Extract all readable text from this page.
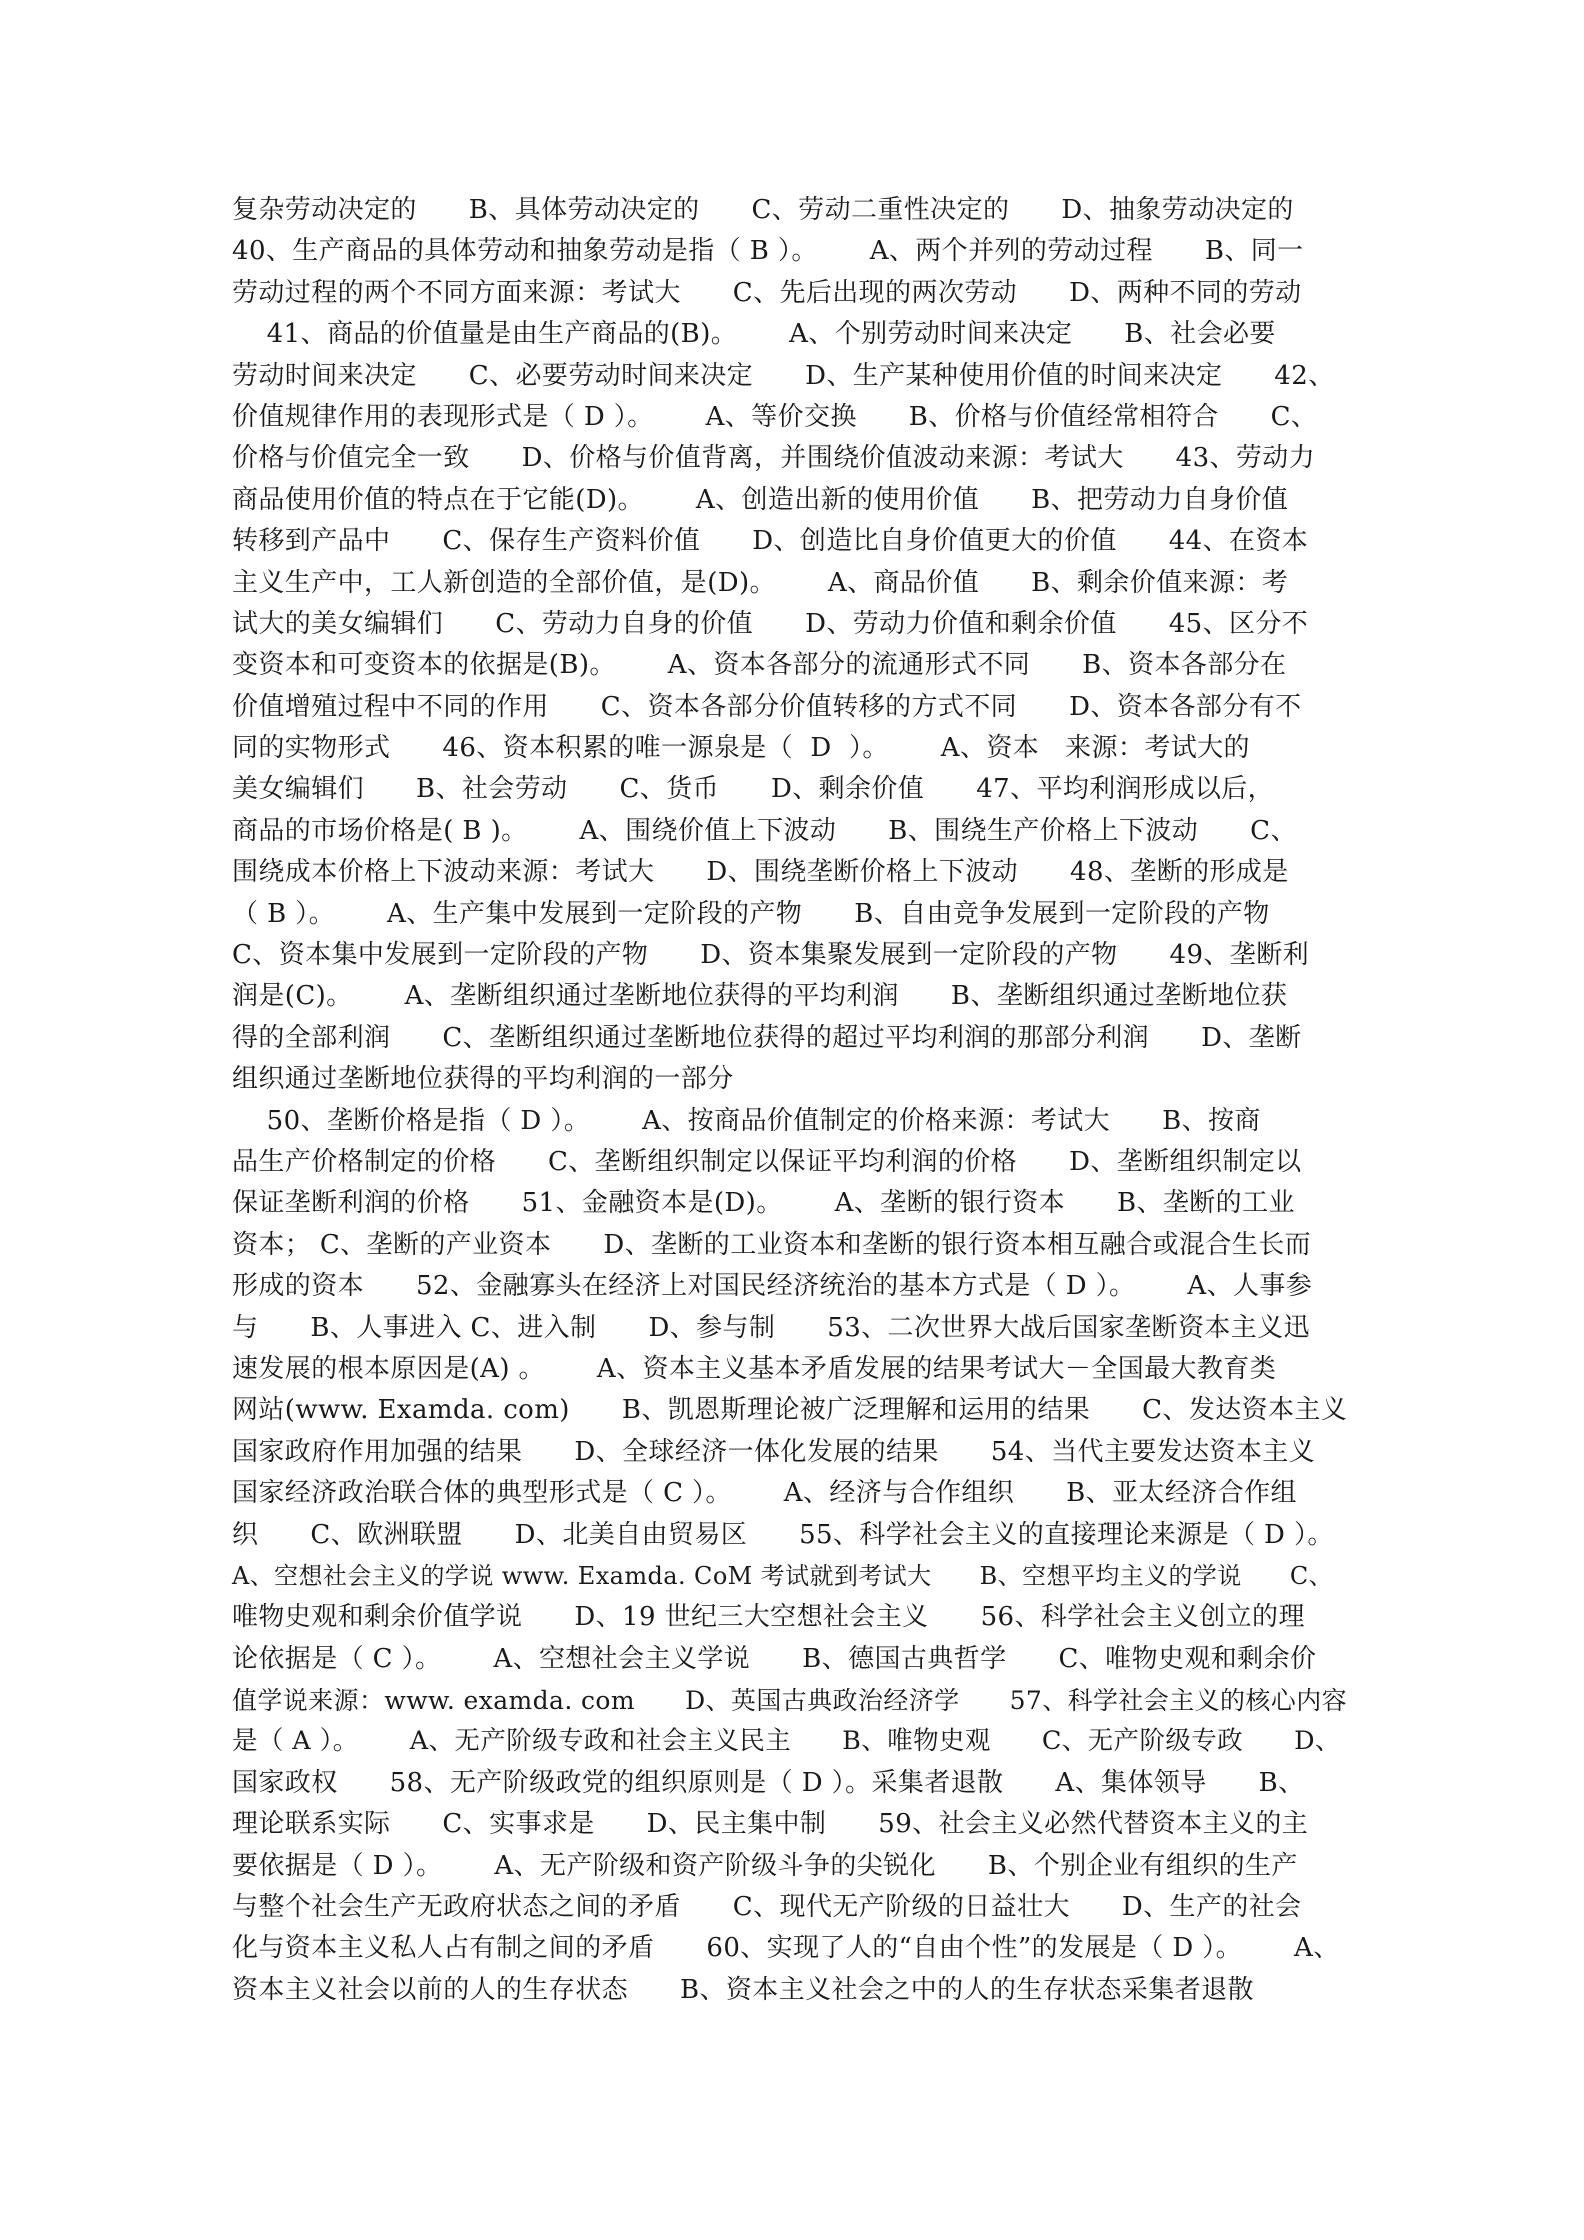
复杂劳动决定的      B、具体劳动决定的      C、劳动二重性决定的      D、抽象劳动决定的
40、生产商品的具体劳动和抽象劳动是指（ B ）。      A、两个并列的劳动过程      B、同一
劳动过程的两个不同方面来源：考试大      C、先后出现的两次劳动      D、两种不同的劳动
41、商品的价值量是由生产商品的(B)。      A、个别劳动时间来决定      B、社会必要
劳动时间来决定      C、必要劳动时间来决定      D、生产某种使用价值的时间来决定      42、
价值规律作用的表现形式是（ D ）。      A、等价交换      B、价格与价值经常相符合      C、
价格与价值完全一致      D、价格与价值背离，并围绕价值波动来源：考试大      43、劳动力
商品使用价值的特点在于它能(D)。      A、创造出新的使用价值      B、把劳动力自身价值
转移到产品中      C、保存生产资料价值      D、创造比自身价值更大的价值      44、在资本
主义生产中，工人新创造的全部价值，是(D)。      A、商品价值      B、剩余价值来源：考
试大的美女编辑们      C、劳动力自身的价值      D、劳动力价值和剩余价值      45、区分不
变资本和可变资本的依据是(B)。      A、资本各部分的流通形式不同      B、资本各部分在
价值增殖过程中不同的作用      C、资本各部分价值转移的方式不同      D、资本各部分有不
同的实物形式      46、资本积累的唯一源泉是（  D  ）。      A、资本   来源：考试大的
美女编辑们      B、社会劳动      C、货币      D、剩余价值      47、平均利润形成以后，
商品的市场价格是( B )。      A、围绕价值上下波动      B、围绕生产价格上下波动      C、
围绕成本价格上下波动来源：考试大      D、围绕垄断价格上下波动      48、垄断的形成是
（ B ）。      A、生产集中发展到一定阶段的产物      B、自由竞争发展到一定阶段的产物
C、资本集中发展到一定阶段的产物      D、资本集聚发展到一定阶段的产物      49、垄断利
润是(C)。      A、垄断组织通过垄断地位获得的平均利润      B、垄断组织通过垄断地位获
得的全部利润      C、垄断组织通过垄断地位获得的超过平均利润的那部分利润      D、垄断
组织通过垄断地位获得的平均利润的一部分
50、垄断价格是指（ D ）。      A、按商品价值制定的价格来源：考试大      B、按商
品生产价格制定的价格      C、垄断组织制定以保证平均利润的价格      D、垄断组织制定以
保证垄断利润的价格      51、金融资本是(D)。      A、垄断的银行资本      B、垄断的工业
资本； C、垄断的产业资本      D、垄断的工业资本和垄断的银行资本相互融合或混合生长而
形成的资本      52、金融寡头在经济上对国民经济统治的基本方式是（ D ）。      A、人事参
与      B、人事进入 C、进入制      D、参与制      53、二次世界大战后国家垄断资本主义迅
速发展的根本原因是(A) 。      A、资本主义基本矛盾发展的结果考试大－全国最大教育类
网站(www. Examda. com)      B、凯恩斯理论被广泛理解和运用的结果      C、发达资本主义
国家政府作用加强的结果      D、全球经济一体化发展的结果      54、当代主要发达资本主义
国家经济政治联合体的典型形式是（ C ）。      A、经济与合作组织      B、亚太经济合作组
织      C、欧洲联盟      D、北美自由贸易区      55、科学社会主义的直接理论来源是（ D ）。
A、空想社会主义的学说 www. Examda. CoM 考试就到考试大      B、空想平均主义的学说      C、
唯物史观和剩余价值学说      D、19 世纪三大空想社会主义      56、科学社会主义创立的理
论依据是（ C ）。      A、空想社会主义学说      B、德国古典哲学      C、唯物史观和剩余价
值学说来源：www. examda. com      D、英国古典政治经济学      57、科学社会主义的核心内容
是（ A ）。      A、无产阶级专政和社会主义民主      B、唯物史观      C、无产阶级专政      D、
国家政权      58、无产阶级政党的组织原则是（ D ）。采集者退散      A、集体领导      B、
理论联系实际      C、实事求是      D、民主集中制      59、社会主义必然代替资本主义的主
要依据是（ D ）。      A、无产阶级和资产阶级斗争的尖锐化      B、个别企业有组织的生产
与整个社会生产无政府状态之间的矛盾      C、现代无产阶级的日益壮大      D、生产的社会
化与资本主义私人占有制之间的矛盾      60、实现了人的“自由个性”的发展是（ D ）。      A、
资本主义社会以前的人的生存状态      B、资本主义社会之中的人的生存状态采集者退散
